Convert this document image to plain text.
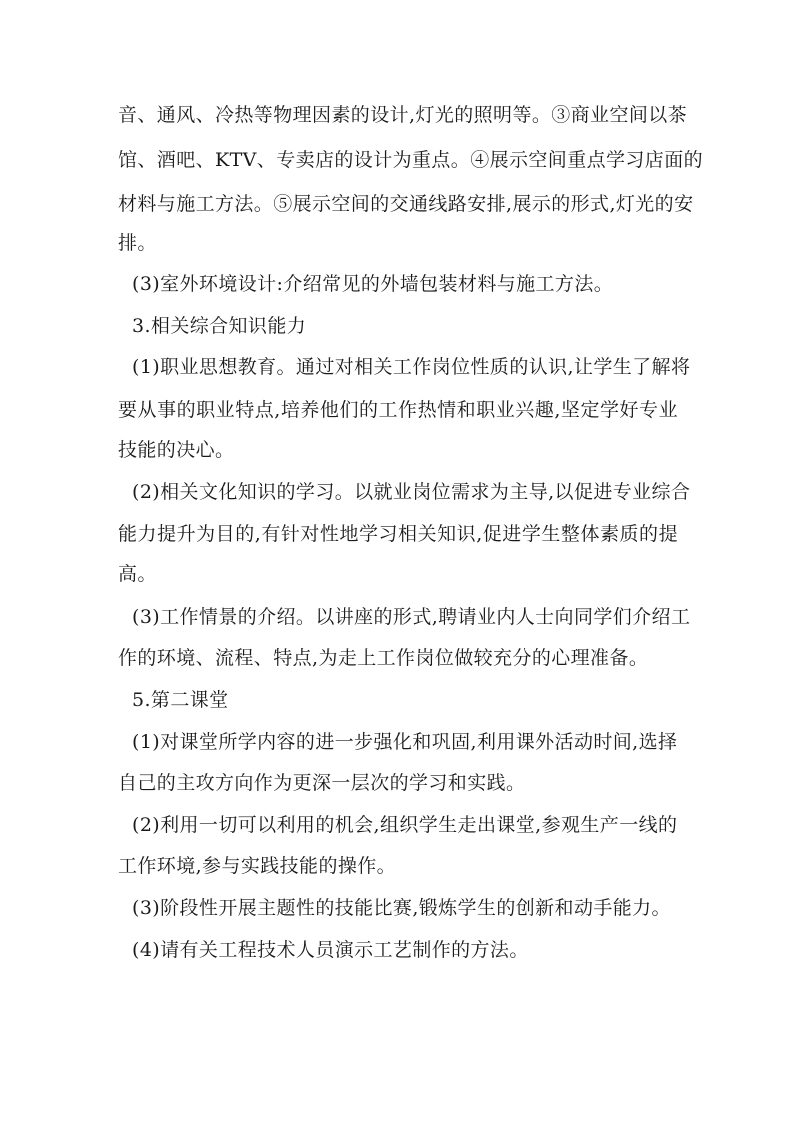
音、通风、冷热等物理因素的设计,灯光的照明等。③商业空间以茶
馆、酒吧、KTV、专卖店的设计为重点。④展示空间重点学习店面的
材料与施工方法。⑤展示空间的交通线路安排,展示的形式,灯光的安
排。
(3)室外环境设计:介绍常见的外墙包装材料与施工方法。
3.相关综合知识能力
(1)职业思想教育。通过对相关工作岗位性质的认识,让学生了解将
要从事的职业特点,培养他们的工作热情和职业兴趣,坚定学好专业
技能的决心。
(2)相关文化知识的学习。以就业岗位需求为主导,以促进专业综合
能力提升为目的,有针对性地学习相关知识,促进学生整体素质的提
高。
(3)工作情景的介绍。以讲座的形式,聘请业内人士向同学们介绍工
作的环境、流程、特点,为走上工作岗位做较充分的心理准备。
5.第二课堂
(1)对课堂所学内容的进一步强化和巩固,利用课外活动时间,选择
自己的主攻方向作为更深一层次的学习和实践。
(2)利用一切可以利用的机会,组织学生走出课堂,参观生产一线的
工作环境,参与实践技能的操作。
(3)阶段性开展主题性的技能比赛,锻炼学生的创新和动手能力。
(4)请有关工程技术人员演示工艺制作的方法。
